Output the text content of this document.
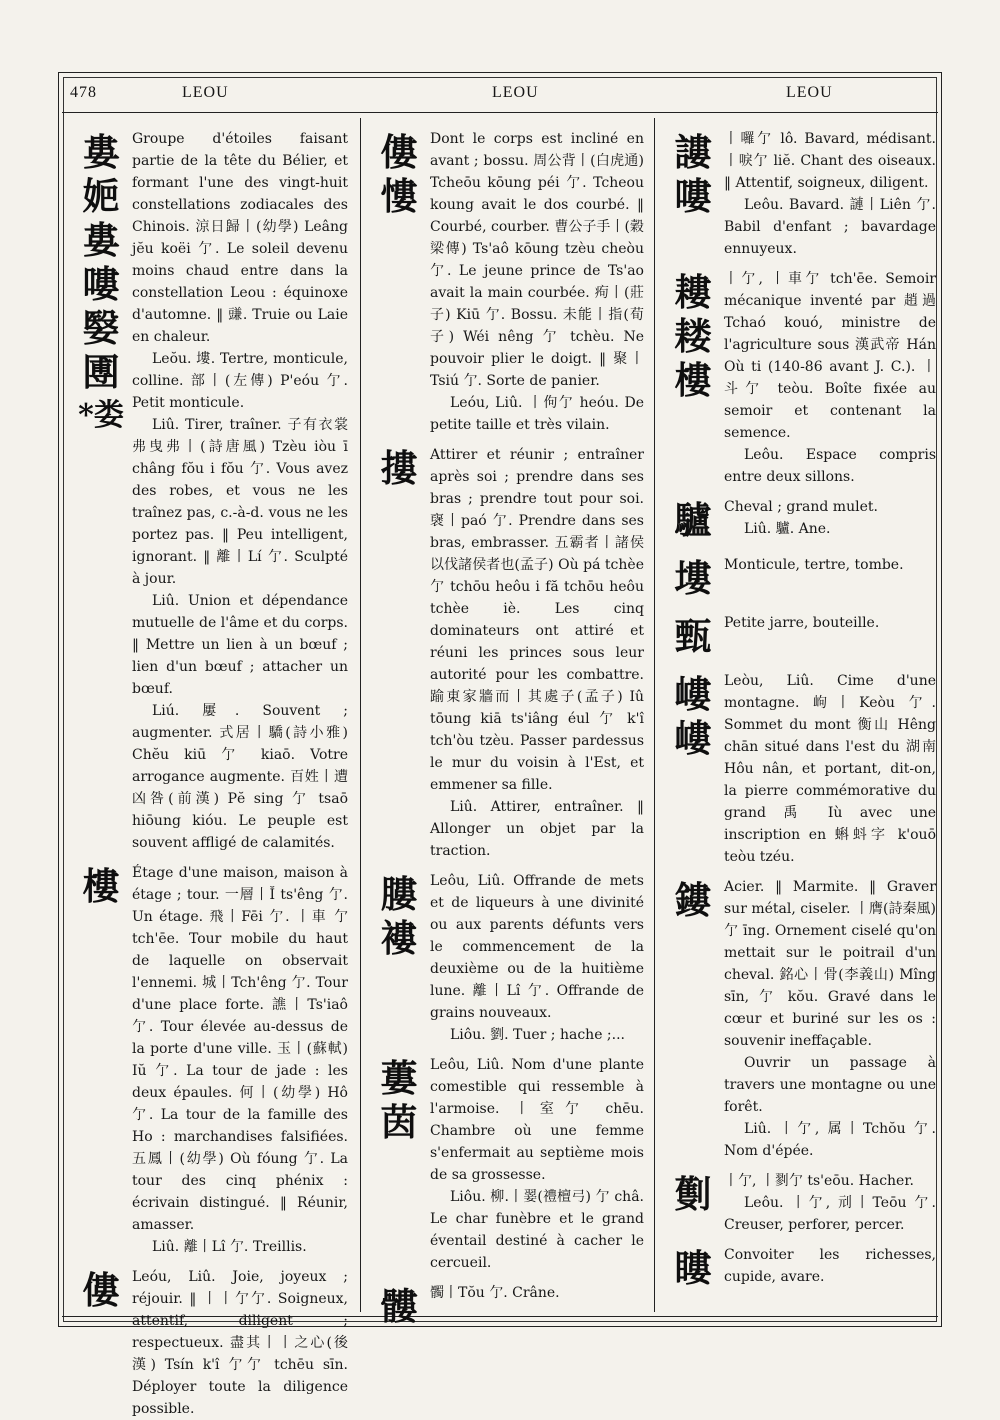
478	LEOU	LEOU	LEOU
婁
㛂
婁
嘍
嫛
圑
*娄

Groupe d'étoiles faisant partie de la tête du Bélier, et formant l'une des vingt-huit constellations zodiacales des Chinois. 涼日歸丨(幼學) Leâng jĕu koëi 亇. Le soleil devenu moins chaud entre dans la constellation Leou : équinoxe d'automne. ‖ 豏. Truie ou Laie en chaleur.

Leŏu. 塿. Tertre, monticule, colline. 部丨(左傳) P'eóu 亇. Petit monticule.

Liû. Tirer, traîner. 子有衣裳弗曳弗丨(詩唐風) Tzèu iòu ī châng fŏu i fŏu 亇. Vous avez des robes, et vous ne les traînez pas, c.-à-d. vous ne les portez pas. ‖ Peu intelligent, ignorant. ‖ 離丨Lí 亇. Sculpté à jour.

Liû. Union et dépendance mutuelle de l'âme et du corps. ‖ Mettre un lien à un bœuf ; lien d'un bœuf ; attacher un bœuf.

Liú. 屢. Souvent ; augmenter. 式居丨驕(詩小雅) Chĕu kiū 亇 kiaō. Votre arrogance augmente. 百姓丨遭凶咎(前漢) Pĕ sing 亇 tsaō hiōung kióu. Le peuple est souvent affligé de calamités.

樓 Étage d'une maison, maison à étage ; tour. 一層丨Ĭ ts'êng 亇. Un étage. 飛丨Fēi 亇. 丨車 亇 tch'ēe. Tour mobile du haut de laquelle on observait l'ennemi. 城丨Tch'êng 亇. Tour d'une place forte. 譙丨Ts'iaô 亇. Tour élevée au-dessus de la porte d'une ville. 玉丨(蘇軾) Iŭ 亇. La tour de jade : les deux épaules. 何丨(幼學) Hô 亇. La tour de la famille des Ho : marchandises falsifiées. 五鳳丨(幼學) Où fóung 亇. La tour des cinq phénix : écrivain distingué. ‖ Réunir, amasser.

Liû. 離丨Lî 亇. Treillis.

僂 Leóu, Liû. Joie, joyeux ; réjouir. ‖ 丨丨亇亇. Soigneux, attentif, diligent ; respectueux. 盡其丨丨之心(後漢) Tsín k'î 亇亇 tchēu sīn. Déployer toute la diligence possible.

僂
慺

Dont le corps est incliné en avant ; bossu. 周公背丨(白虎通) Tcheōu kōung péi 亇. Tcheou koung avait le dos courbé. ‖ Courbé, courber. 曹公子手丨(穀梁傳) Ts'aô kōung tzèu cheòu 亇. Le jeune prince de Ts'ao avait la main courbée. 痀丨(莊子) Kiū 亇. Bossu. 未能丨指(荀子) Wéi nêng 亇 tchèu. Ne pouvoir plier le doigt. ‖ 聚丨Tsiú 亇. Sorte de panier.

Leóu, Liû. 丨佝亇 heóu. De petite taille et très vilain.

摟 Attirer et réunir ; entraîner après soi ; prendre dans ses bras ; prendre tout pour soi. 襃丨paó 亇. Prendre dans ses bras, embrasser. 五霸者丨諸侯以伐諸侯者也(孟子) Où pá tchèe 亇 tchōu heôu i fă tchōu heôu tchèe iè. Les cinq dominateurs ont attiré et réuni les princes sous leur autorité pour les combattre. 踰東家牆而丨其處子(孟子) Iû tōung kiā ts'iâng éul 亇 k'î tch'òu tzèu. Passer pardessus le mur du voisin à l'Est, et emmener sa fille.

Liû. Attirer, entraîner. ‖ Allonger un objet par la traction.

膢
褸

Leôu, Liû. Offrande de mets et de liqueurs à une divinité ou aux parents défunts vers le commencement de la deuxième ou de la huitième lune. 離丨Lî 亇. Offrande de grains nouveaux.

Liôu. 劉. Tuer ; hache ;...

蔞
茵

Leôu, Liû. Nom d'une plante comestible qui ressemble à l'armoise. 丨室亇 chēu. Chambre où une femme s'enfermait au septième mois de sa grossesse.

Liôu. 柳.丨翣(禮檀弓) 亇 châ. Le char funèbre et le grand éventail destiné à cacher le cercueil.

髏 髑丨Tŏu 亇. Crâne.

謱
嘍

丨囉亇 lô. Bavard, médisant. 丨唳亇 liĕ. Chant des oiseaux. ‖ Attentif, soigneux, diligent.

Leôu. Bavard. 謰丨Liên 亇. Babil d'enfant ; bavardage ennuyeux.

耬
耧
樓

丨亇, 丨車亇 tch'ēe. Semoir mécanique inventé par 趙過 Tchaó kouó, ministre de l'agriculture sous 漢武帝 Hán Où ti (140-86 avant J. C.). 丨斗亇 teòu. Boîte fixée au semoir et contenant la semence.

Leôu. Espace compris entre deux sillons.

驢 Cheval ; grand mulet.

Liû. 驢. Ane.

塿 Monticule, tertre, tombe.

甄 Petite jarre, bouteille.

嶁
嶁

Leòu, Liû. Cime d'une montagne. 岣丨Keòu 亇. Sommet du mont 衡山 Hêng chān situé dans l'est du 湖南 Hôu nân, et portant, dit-on, la pierre commémorative du grand 禹 Iù avec une inscription en 蝌蚪字 k'ouō teòu tzéu.

鏤 Acier. ‖ Marmite. ‖ Graver sur métal, ciseler. 丨膺(詩秦風) 亇 īng. Ornement ciselé qu'on mettait sur le poitrail d'un cheval. 銘心丨骨(李義山) Mîng sīn, 亇 kŏu. Gravé dans le cœur et buriné sur les os : souvenir ineffaçable.

Ouvrir un passage à travers une montagne ou une forêt.

Liû. 丨亇, 属丨Tchŏu 亇. Nom d'épée.

劐 丨亇, 丨剹亇 ts'eōu. Hacher.

Leôu. 丨亇, 刓丨Teōu 亇. Creuser, perforer, percer.

瞜 Convoiter les richesses, cupide, avare.
